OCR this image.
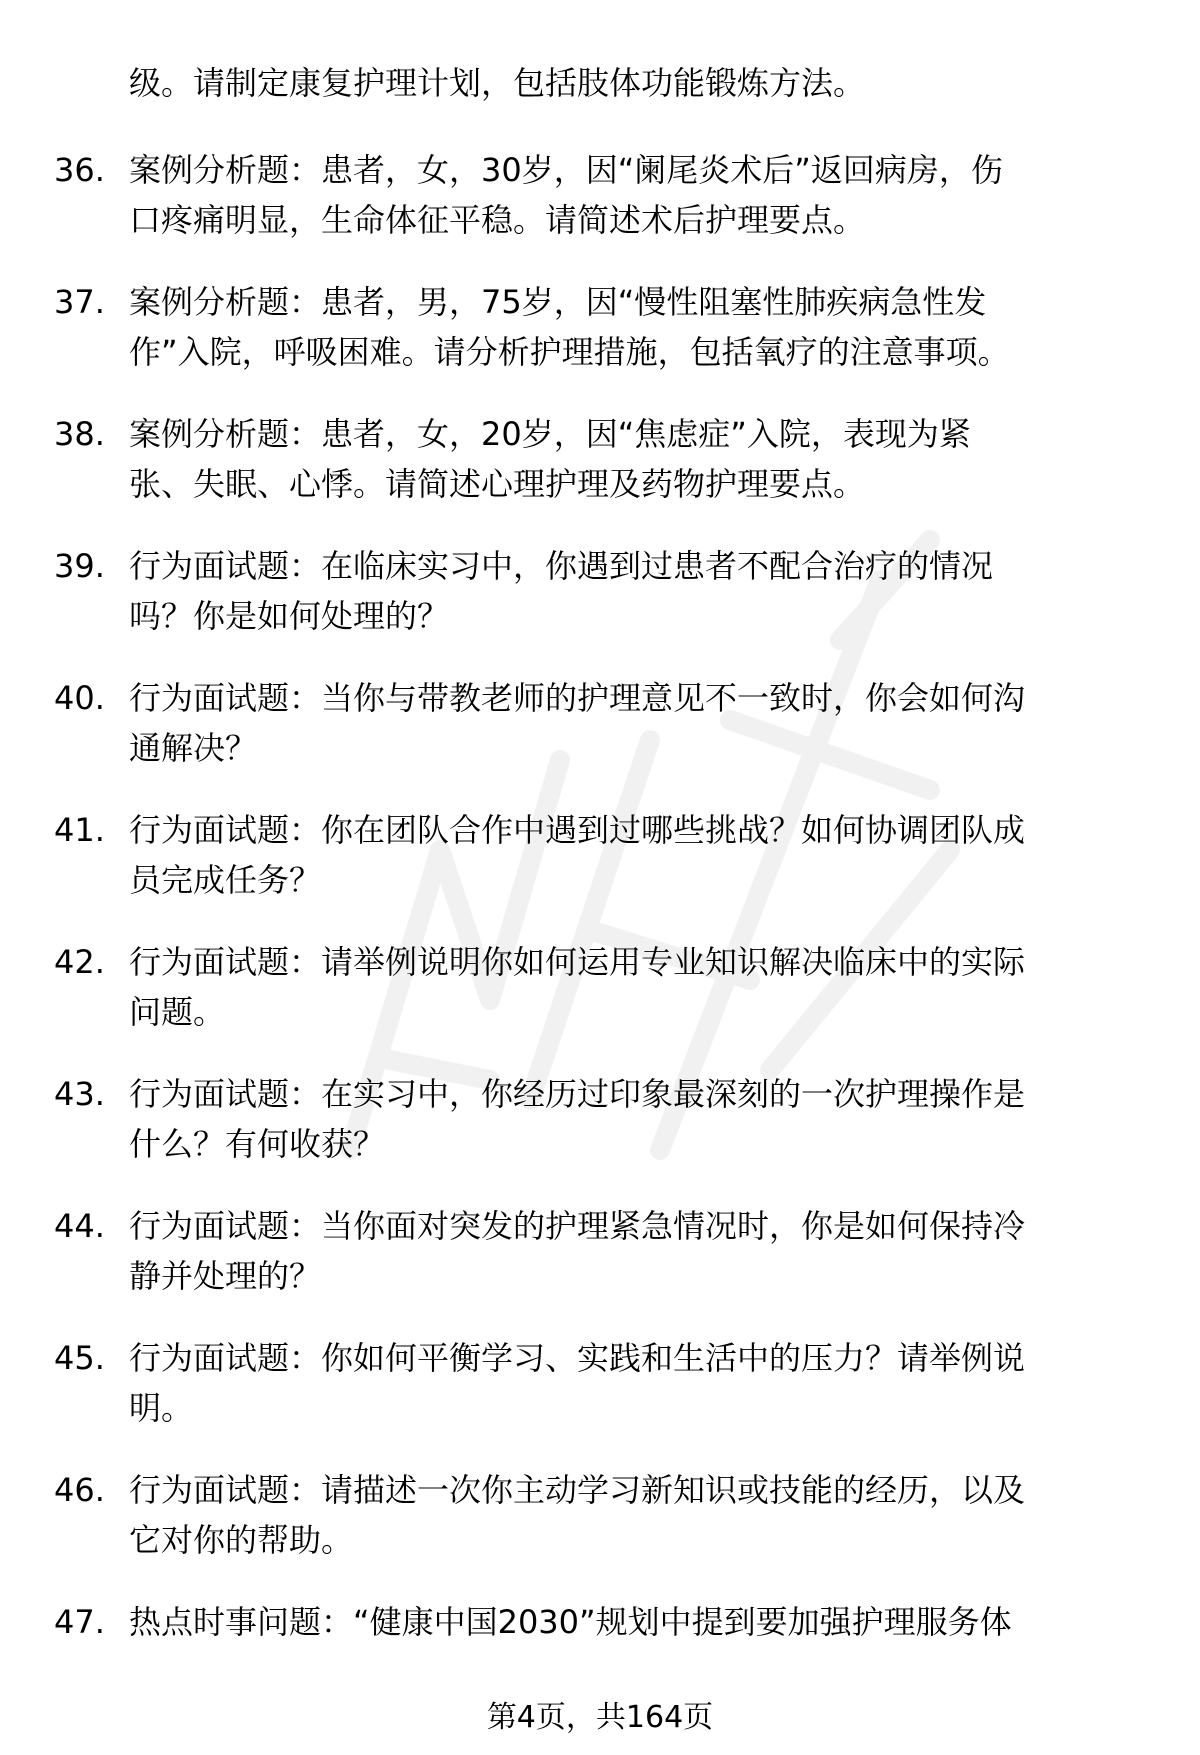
级。请制定康复护理计划，包括肢体功能锻炼方法。
36. 案例分析题：患者，女，30岁，因“阑尾炎术后”返回病房，伤
口疼痛明显，生命体征平稳。请简述术后护理要点。
37. 案例分析题：患者，男，75岁，因“慢性阻塞性肺疾病急性发
作”入院，呼吸困难。请分析护理措施，包括氧疗的注意事项。
38. 案例分析题：患者，女，20岁，因“焦虑症”入院，表现为紧
张、失眠、心悸。请简述心理护理及药物护理要点。
39. 行为面试题：在临床实习中，你遇到过患者不配合治疗的情况
吗？你是如何处理的？
40. 行为面试题：当你与带教老师的护理意见不一致时，你会如何沟
通解决？
41. 行为面试题：你在团队合作中遇到过哪些挑战？如何协调团队成
员完成任务？
42. 行为面试题：请举例说明你如何运用专业知识解决临床中的实际
问题。
43. 行为面试题：在实习中，你经历过印象最深刻的一次护理操作是
什么？有何收获？
44. 行为面试题：当你面对突发的护理紧急情况时，你是如何保持冷
静并处理的？
45. 行为面试题：你如何平衡学习、实践和生活中的压力？请举例说
明。
46. 行为面试题：请描述一次你主动学习新知识或技能的经历，以及
它对你的帮助。
47. 热点时事问题：“健康中国2030”规划中提到要加强护理服务体
第4页，共164页
